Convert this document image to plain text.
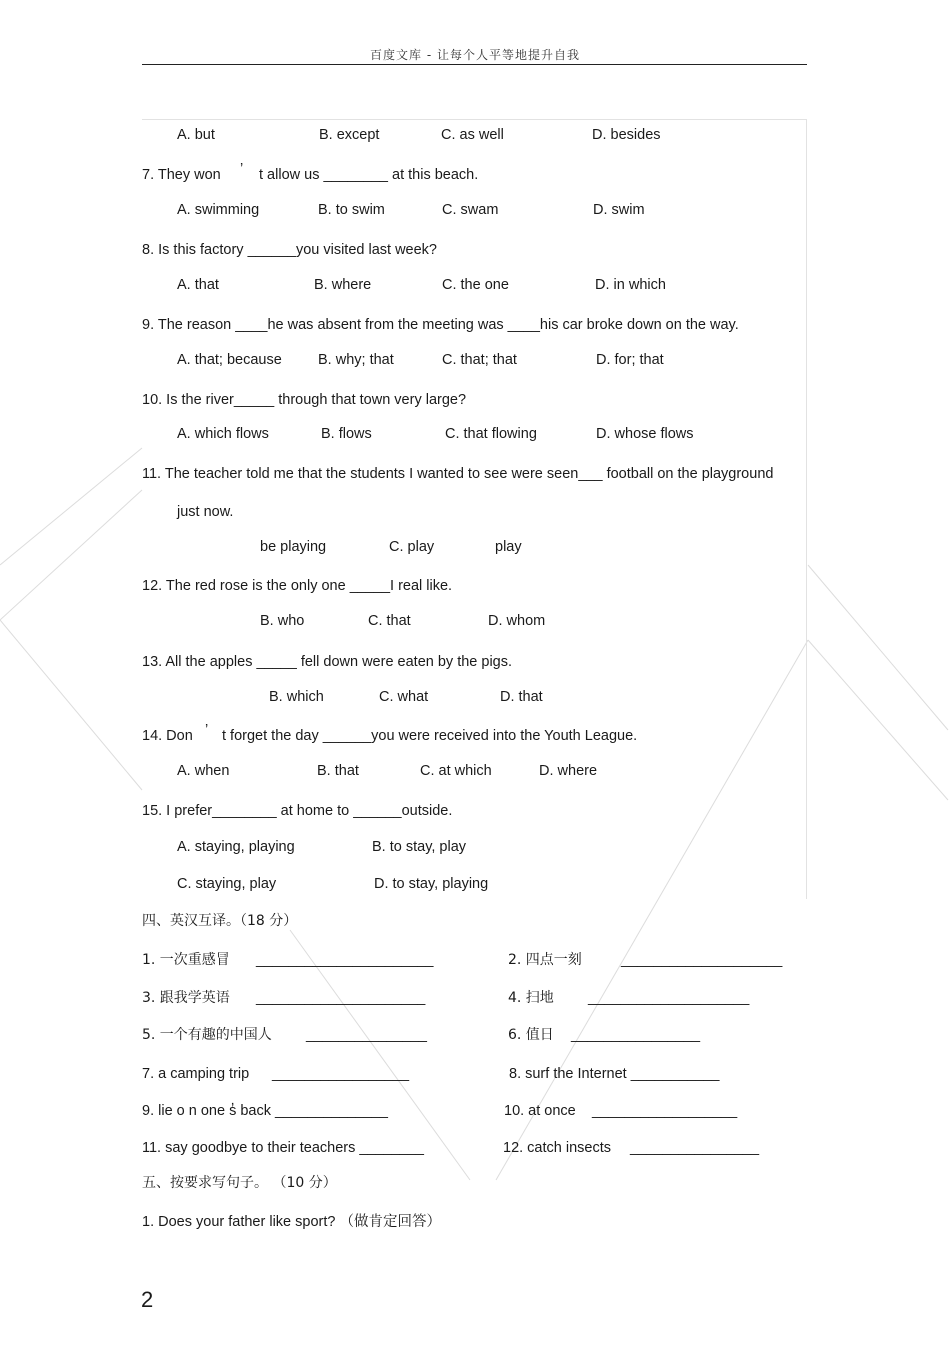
百度文库 - 让每个人平等地提升自我
A. but	B. except	C. as well	D. besides
7. They won ’ t allow us ________ at this beach.
A. swimming	B. to swim	C. swam	D. swim
8. Is this factory ______you visited last week?
A. that	B. where	C. the one	D. in which
9. The reason ____he was absent from the meeting was ____his car broke down on the way.
A. that; because B. why; that	C. that; that	D. for; that
10. Is the river_____ through that town very large?
A. which flows	B. flows	C. that flowing	D. whose flows
11. The teacher told me that the students I wanted to see were seen___ football on the playground
just now.
be playing	C. play	play
12. The red rose is the only one _____I real like.
B. who	C. that	D. whom
13. All the apples _____ fell down were eaten by the pigs.
B. which	C. what	D. that
14. Don ’ t forget the day ______you were received into the Youth League.
A. when	B. that	C. at which	D. where
15. I prefer________ at home to ______outside.
A. staying, playing	B. to stay, play
C. staying, play	D. to stay, playing
四、英汉互译。（18 分）
1. 一次重感冒 ______________________	2. 四点一刻	____________________
3. 跟我学英语 _____________________	4. 扫地 ____________________
5. 一个有趣的中国人 _______________	6. 值日 ________________
7. a camping trip _________________	8. surf the Internet ___________
9. lie o n one s̓ back ______________	10. at once __________________
11. say goodbye to their teachers ________	12. catch insects ________________
五、按要求写句子。 （10 分）
1. Does your father like sport? （做肯定回答）
2
